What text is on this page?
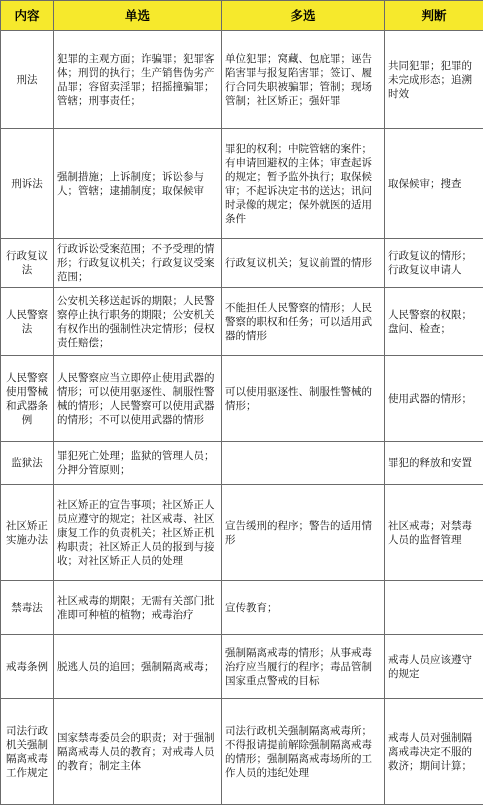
内容	单选	多选	判断
刑法	犯罪的主观方面；诈骗罪；犯罪客体；刑罚的执行；生产销售伪劣产品罪；容留卖淫罪；招摇撞骗罪；管辖；刑事责任；	单位犯罪；窝藏、包庇罪；诬告陷害罪与报复陷害罪；签订、履行合同失职被骗罪；管制；现场管制；社区矫正；强奸罪	共同犯罪；犯罪的未完成形态；追溯时效
刑诉法	强制措施；上诉制度；诉讼参与人；管辖；逮捕制度；取保候审	罪犯的权利；中院管辖的案件；有申请回避权的主体；审查起诉的规定；暂予监外执行；取保候审；不起诉决定书的送达；讯问时录像的规定；保外就医的适用条件	取保候审；搜查
行政复议法	行政诉讼受案范围；不予受理的情形；行政复议机关；行政复议受案范围；	行政复议机关；复议前置的情形	行政复议的情形；行政复议申请人
人民警察法	公安机关移送起诉的期限；人民警察停止执行职务的期限；公安机关有权作出的强制性决定情形；侵权责任赔偿；	不能担任人民警察的情形；人民警察的职权和任务；可以适用武器的情形	人民警察的权限；盘问、检查；
人民警察使用警械和武器条例	人民警察应当立即停止使用武器的情形；可以使用驱逐性、制服性警械的情形；人民警察可以使用武器的情形；不可以使用武器的情形	可以使用驱逐性、制服性警械的情形；	使用武器的情形；
监狱法	罪犯死亡处理；监狱的管理人员；分押分管原则；		罪犯的释放和安置
社区矫正实施办法	社区矫正的宣告事项；社区矫正人员应遵守的规定；社区戒毒、社区康复工作的负责机关；社区矫正机构职责；社区矫正人员的报到与接收；对社区矫正人员的处理	宣告缓刑的程序；警告的适用情形	社区戒毒；对禁毒人员的监督管理
禁毒法	社区戒毒的期限；无需有关部门批准即可种植的植物；戒毒治疗	宣传教育；	
戒毒条例	脱逃人员的追回；强制隔离戒毒；	强制隔离戒毒的情形；从事戒毒治疗应当履行的程序；毒品管制国家重点警戒的目标	戒毒人员应该遵守的规定
司法行政机关强制隔离戒毒工作规定	国家禁毒委员会的职责；对于强制隔离戒毒人员的教育；对戒毒人员的教育；制定主体	司法行政机关强制隔离戒毒所；不得报请提前解除强制隔离戒毒的情形；强制隔离戒毒场所的工作人员的违纪处理	戒毒人员对强制隔离戒毒决定不服的救济；期间计算；
